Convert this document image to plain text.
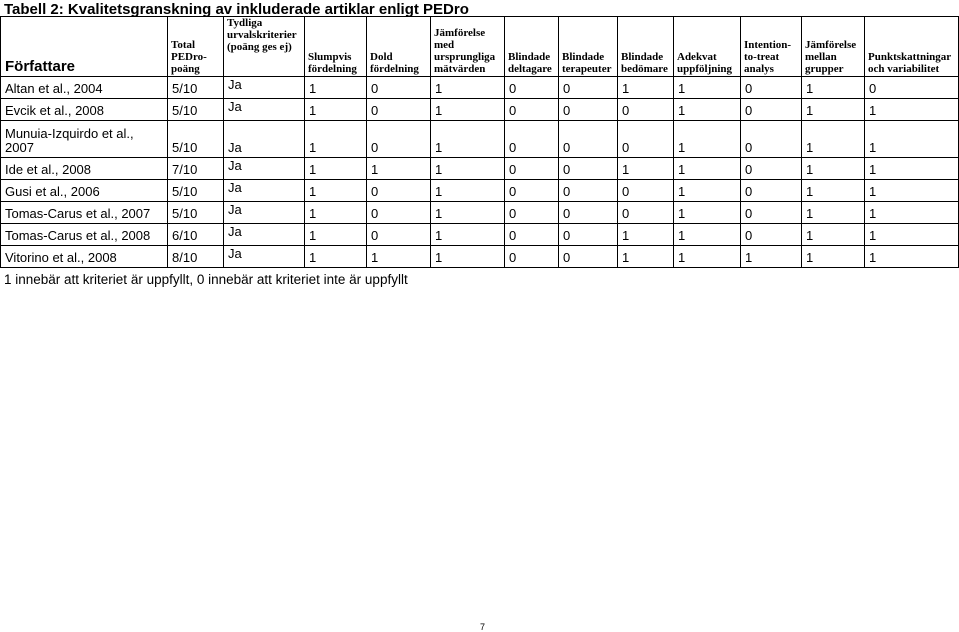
Tabell 2: Kvalitetsgranskning av inkluderade artiklar enligt PEDro
Författare	Total PEDro-poäng	Tydliga urvalskriterier (poäng ges ej)	Slumpvis fördelning	Dold fördelning	Jämförelse med ursprungliga mätvärden	Blindade deltagare	Blindade terapeuter	Blindade bedömare	Adekvat uppföljning	Intention-to-treat analys	Jämförelse mellan grupper	Punktskattningar och variabilitet
Altan et al., 2004	5/10	Ja	1	0	1	0	0	1	1	0	1	0
Evcik et al., 2008	5/10	Ja	1	0	1	0	0	0	1	0	1	1
Munuia-Izquirdo et al., 2007	5/10	Ja	1	0	1	0	0	0	1	0	1	1
Ide et al., 2008	7/10	Ja	1	1	1	0	0	1	1	0	1	1
Gusi et al., 2006	5/10	Ja	1	0	1	0	0	0	1	0	1	1
Tomas-Carus et al., 2007	5/10	Ja	1	0	1	0	0	0	1	0	1	1
Tomas-Carus et al., 2008	6/10	Ja	1	0	1	0	0	1	1	0	1	1
Vitorino et al., 2008	8/10	Ja	1	1	1	0	0	1	1	1	1	1
1 innebär att kriteriet är uppfyllt, 0 innebär att kriteriet inte är uppfyllt
7
